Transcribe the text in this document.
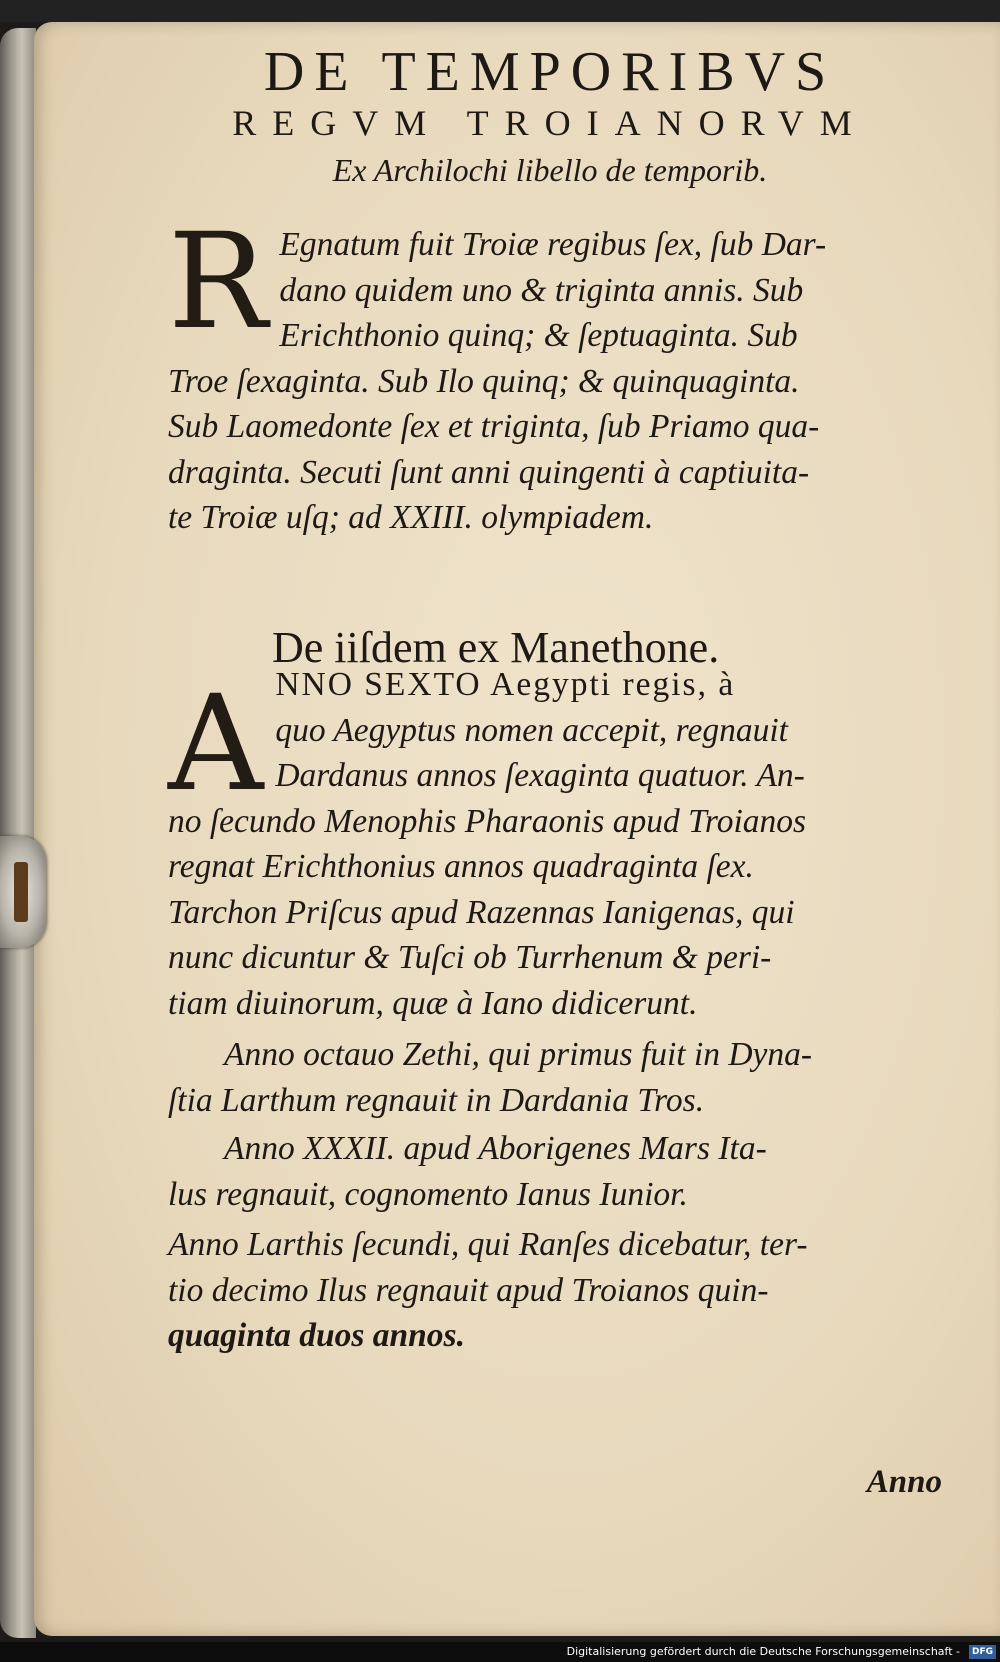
DE TEMPORIBVS
REGVM TROIANORVM
Ex Archilochi libello de temporib.
R Egnatum fuit Troiæ regibus ſex, ſub Dar-
dano quidem uno & triginta annis. Sub
Erichthonio quinq; & ſeptuaginta. Sub
Troe ſexaginta. Sub Ilo quinq; & quinquaginta.
Sub Laomedonte ſex et triginta, ſub Priamo qua-
draginta. Secuti ſunt anni quingenti à captiuita-
te Troiæ uſq; ad XXIII. olympiadem.
De iiſdem ex Manethone.
A NNO SEXTO Aegypti regis, à
quo Aegyptus nomen accepit, regnauit
Dardanus annos ſexaginta quatuor. An-
no ſecundo Menophis Pharaonis apud Troianos
regnat Erichthonius annos quadraginta ſex.
Tarchon Priſcus apud Razennas Ianigenas, qui
nunc dicuntur & Tuſci ob Turrhenum & peri-
tiam diuinorum, quæ à Iano didicerunt.
Anno octauo Zethi, qui primus fuit in Dyna-
ſtia Larthum regnauit in Dardania Tros.
Anno XXXII. apud Aborigenes Mars Ita-
lus regnauit, cognomento Ianus Iunior.
Anno Larthis ſecundi, qui Ranſes dicebatur, ter-
tio decimo Ilus regnauit apud Troianos quin-
quaginta duos annos.
Anno
Digitalisierung gefördert durch die Deutsche Forschungsgemeinschaft -	DFG
